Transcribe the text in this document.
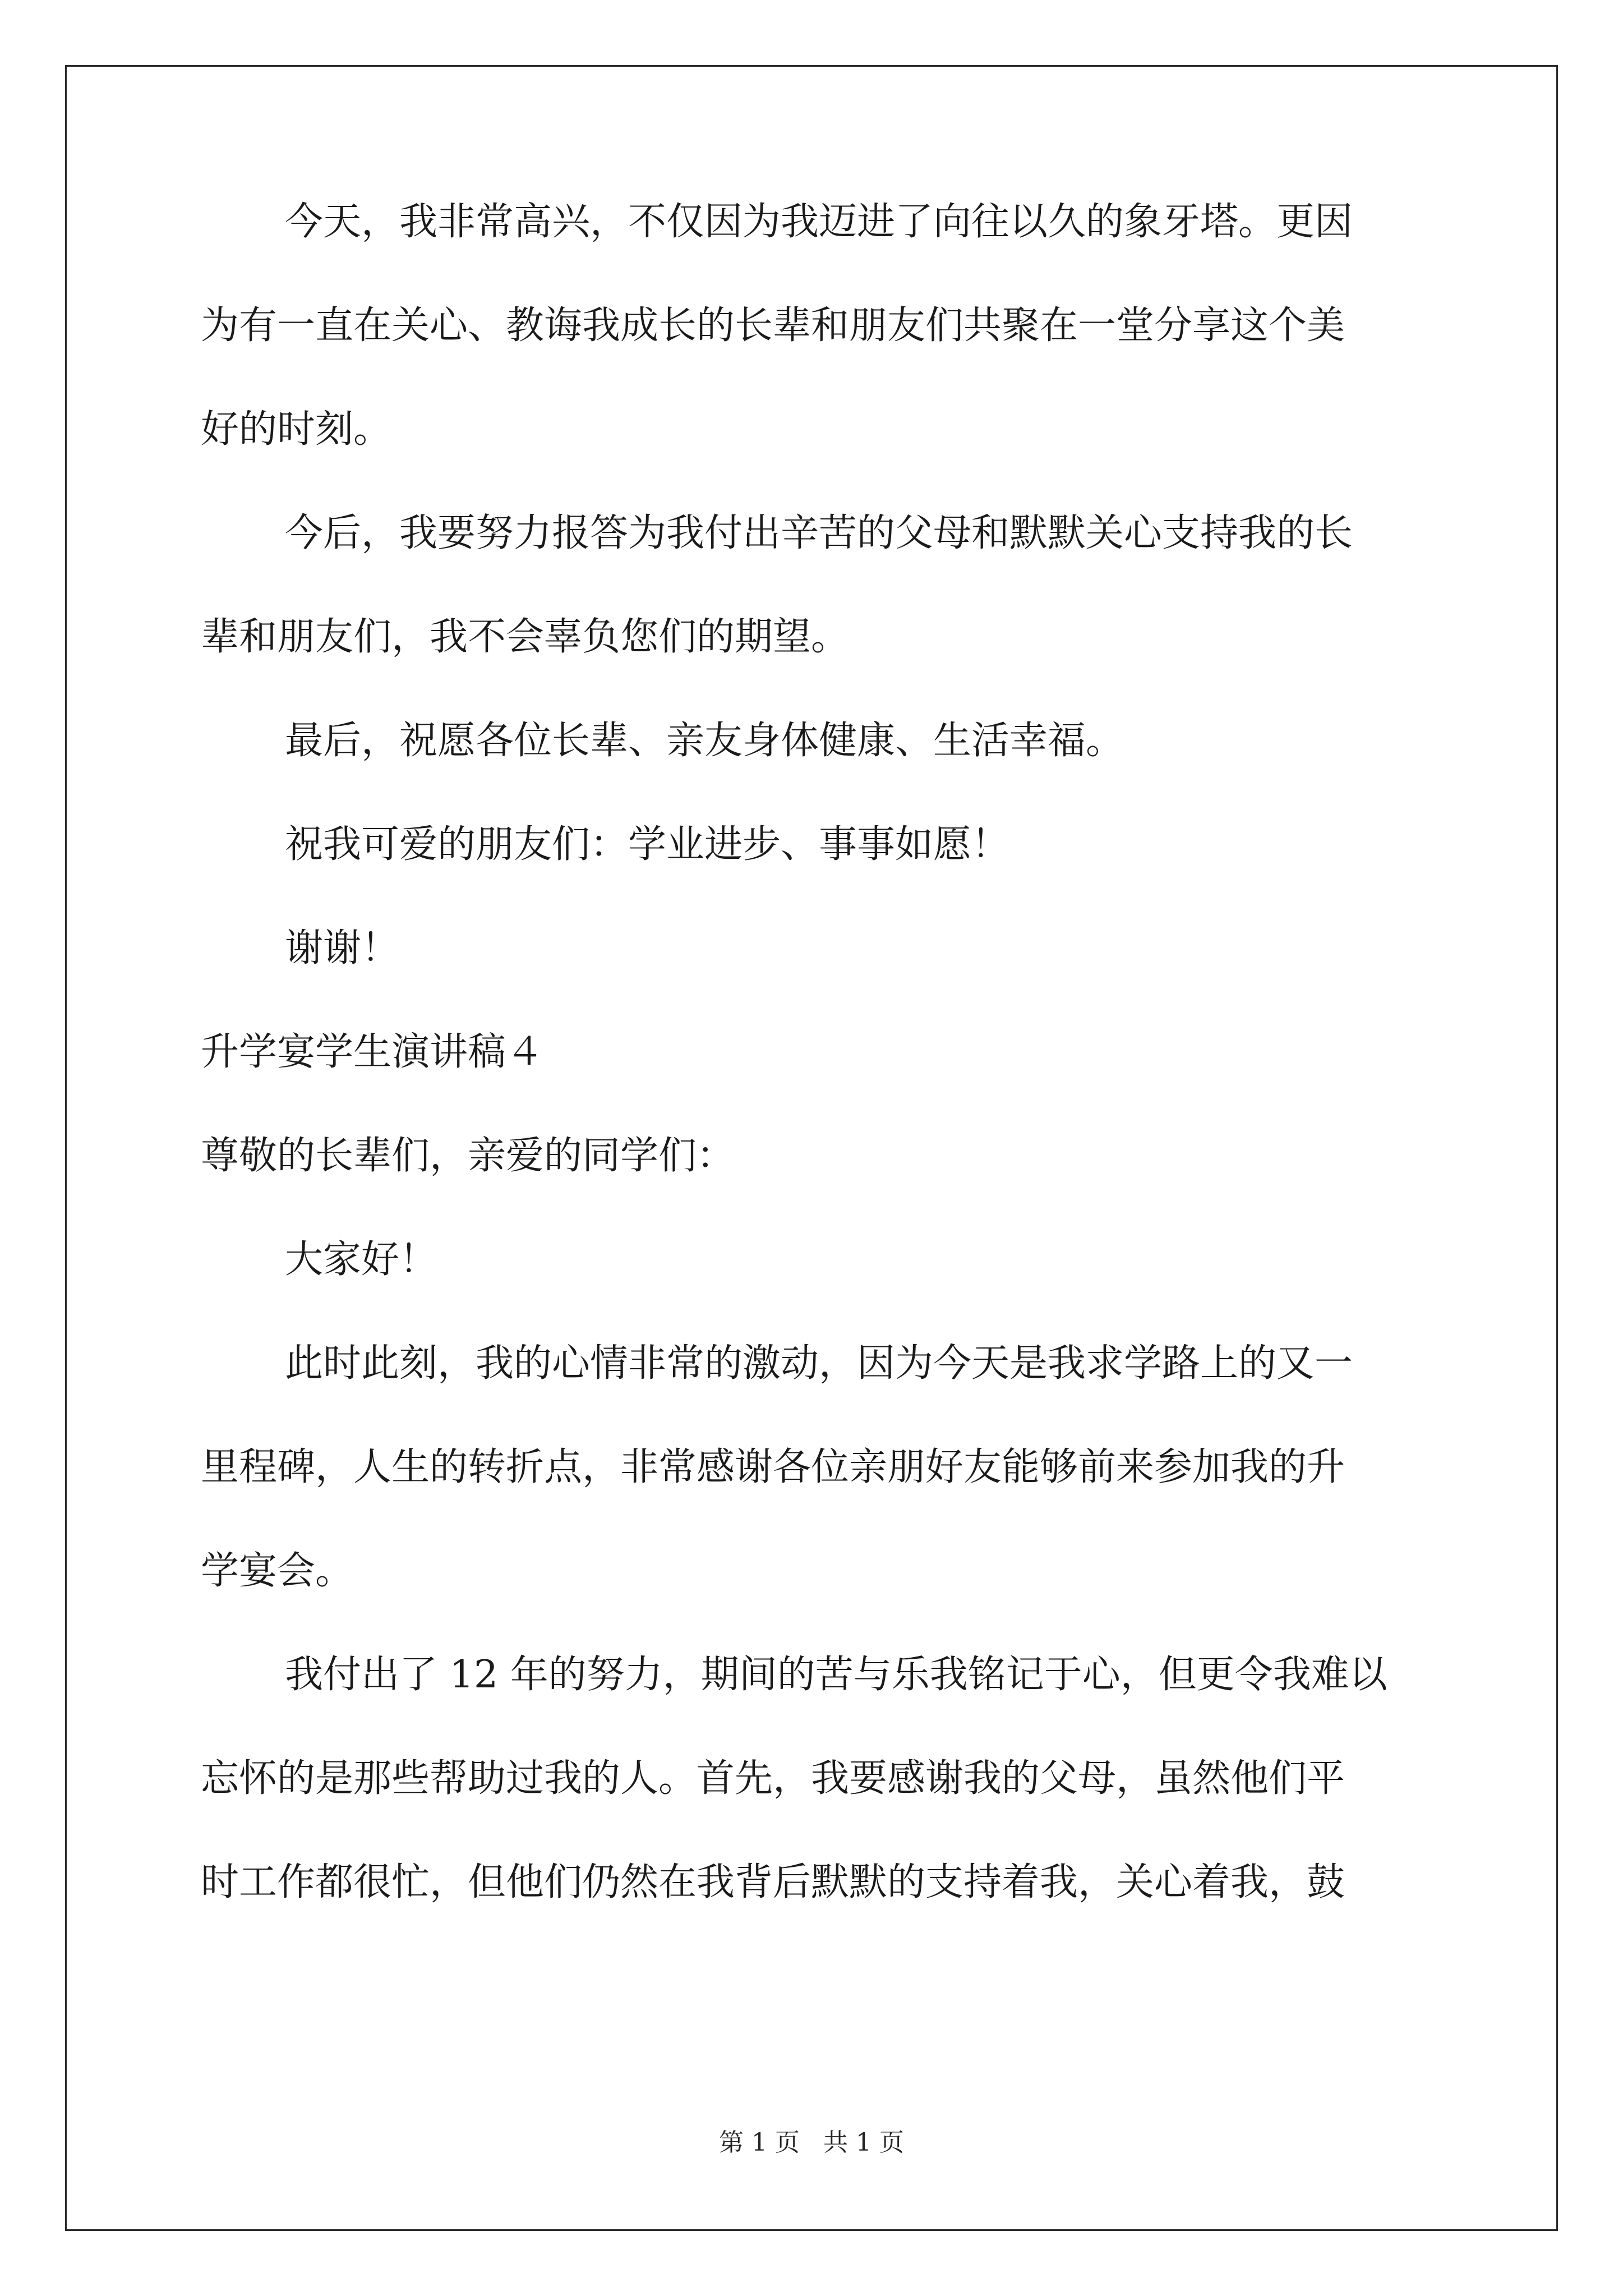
今天，我非常高兴，不仅因为我迈进了向往以久的象牙塔。更因
为有一直在关心、教诲我成长的长辈和朋友们共聚在一堂分享这个美
好的时刻。
今后，我要努力报答为我付出辛苦的父母和默默关心支持我的长
辈和朋友们，我不会辜负您们的期望。
最后，祝愿各位长辈、亲友身体健康、生活幸福。
祝我可爱的朋友们：学业进步、事事如愿！
谢谢！
升学宴学生演讲稿４
尊敬的长辈们，亲爱的同学们：
大家好！
此时此刻，我的心情非常的激动，因为今天是我求学路上的又一
里程碑，人生的转折点，非常感谢各位亲朋好友能够前来参加我的升
学宴会。
我付出了 12 年的努力，期间的苦与乐我铭记于心，但更令我难以
忘怀的是那些帮助过我的人。首先，我要感谢我的父母，虽然他们平
时工作都很忙，但他们仍然在我背后默默的支持着我，关心着我，鼓
第 1 页 共 1 页
